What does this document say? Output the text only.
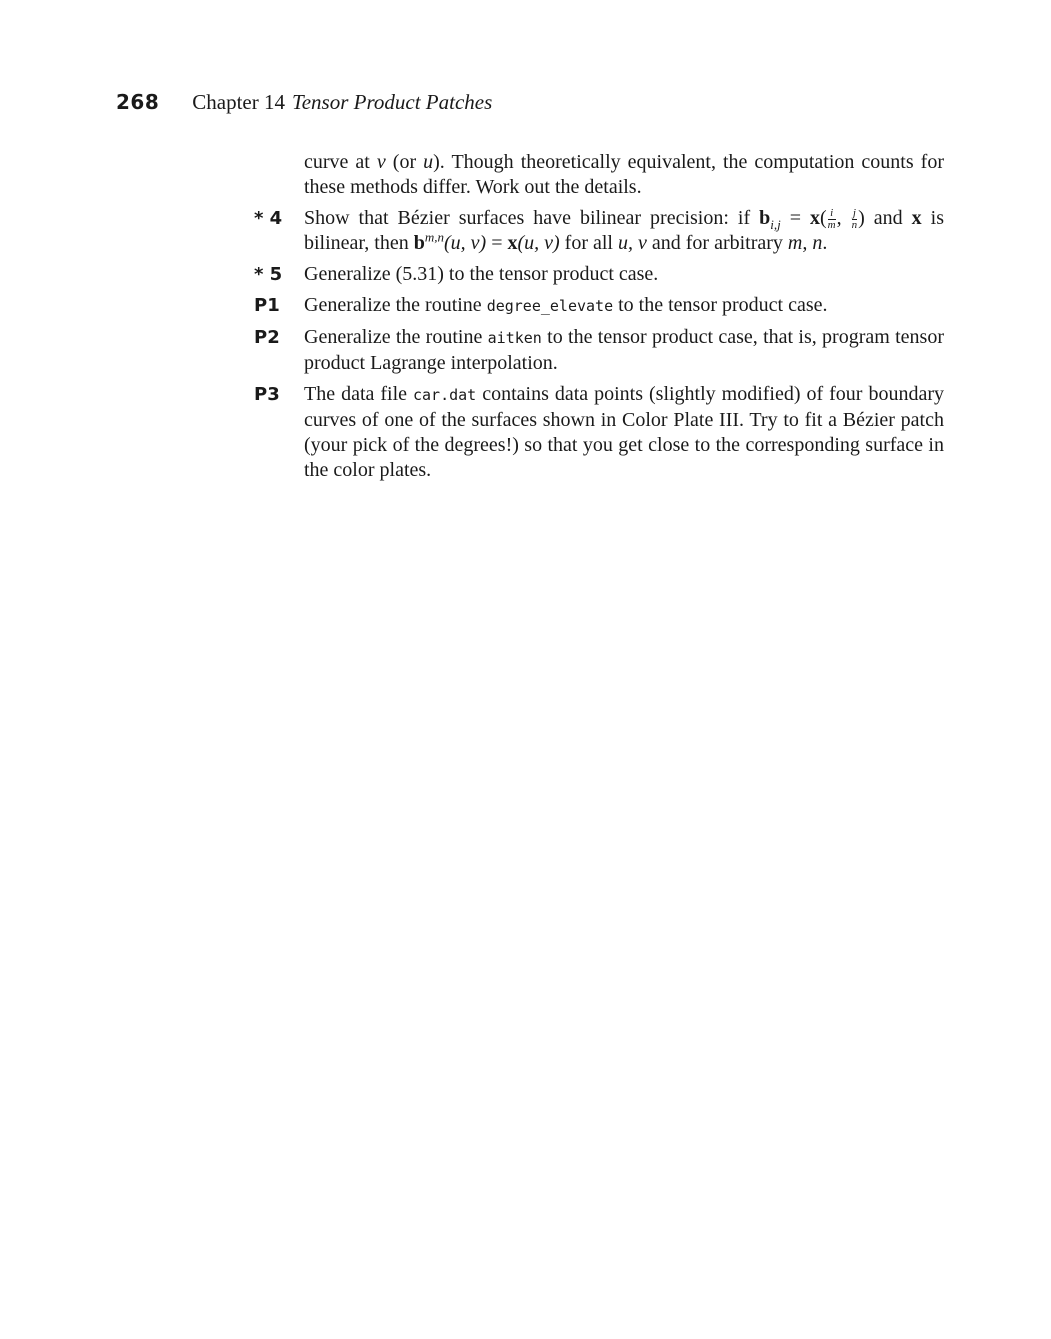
268 Chapter 14 Tensor Product Patches
curve at v (or u). Though theoretically equivalent, the computation counts for these methods differ. Work out the details.
* 4	Show that Bézier surfaces have bilinear precision: if $b_{i,j} = x( \frac{i}{m}$ , $\frac{j}{n}$ ) and x is bilinear, then $b^{m,n}(u$, v) = x(u, v) for all u, v and for arbitrary m, n.
* 5	Generalize (5.31) to the tensor product case.
P1	Generalize the routine degree_elevate to the tensor product case.
P2	Generalize the routine aitken to the tensor product case, that is, program tensor product Lagrange interpolation.
P3	The data file car.dat contains data points (slightly modified) of four boundary curves of one of the surfaces shown in Color Plate III. Try to fit a Bézier patch (your pick of the degrees!) so that you get close to the corresponding surface in the color plates.
